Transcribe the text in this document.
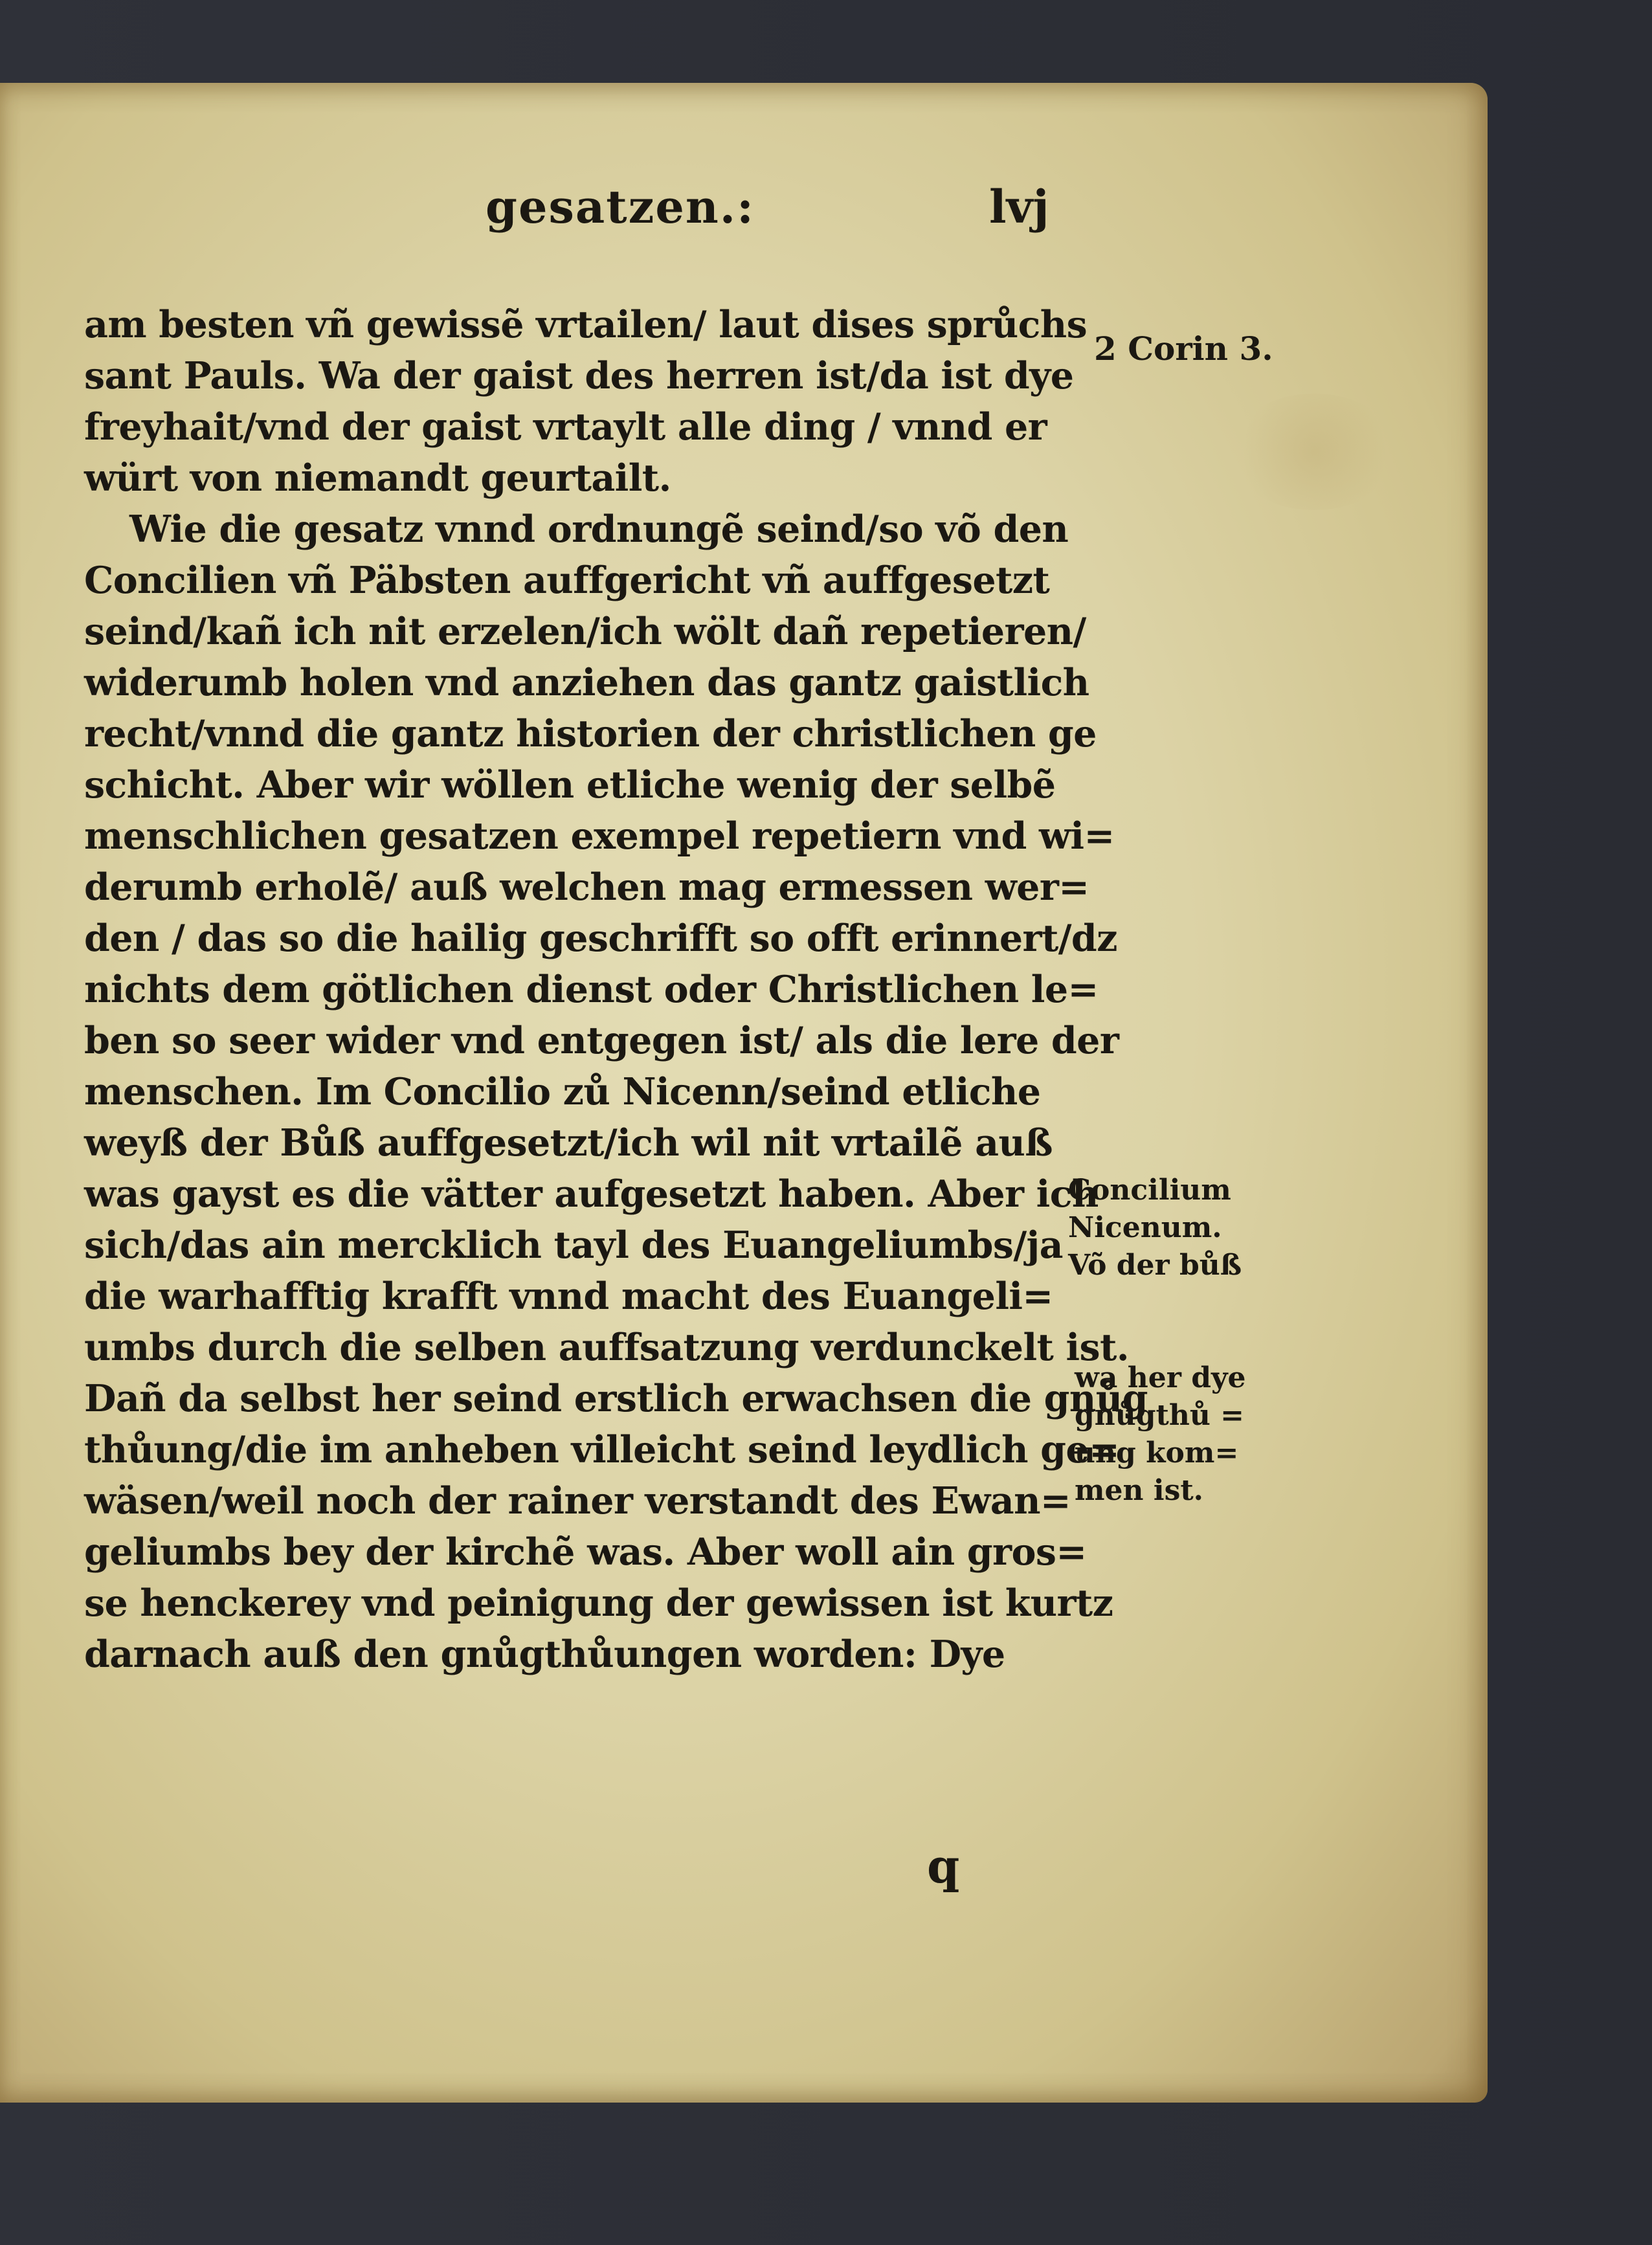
gesatzen.:	lvj
am besten vñ gewissẽ vrtailen/ laut dises sprůchs
sant Pauls. Wa der gaist des herren ist/da ist dye
freyhait/vnd der gaist vrtaylt alle ding / vnnd er
würt von niemandt geurtailt.
Wie die gesatz vnnd ordnungẽ seind/so võ den
Concilien vñ Päbsten auffgericht vñ auffgesetzt
seind/kañ ich nit erzelen/ich wölt dañ repetieren/
widerumb holen vnd anziehen das gantz gaistlich
recht/vnnd die gantz historien der christlichen ge
schicht. Aber wir wöllen etliche wenig der selbẽ
menschlichen gesatzen exempel repetiern vnd wi=
derumb erholẽ/ auß welchen mag ermessen wer=
den / das so die hailig geschrifft so offt erinnert/dz
nichts dem götlichen dienst oder Christlichen le=
ben so seer wider vnd entgegen ist/ als die lere der
menschen. Im Concilio zů Nicenn/seind etliche
weyß der Bůß auffgesetzt/ich wil nit vrtailẽ auß
was gayst es die vätter aufgesetzt haben. Aber ich
sich/das ain mercklich tayl des Euangeliumbs/ja
die warhafftig krafft vnnd macht des Euangeli=
umbs durch die selben auffsatzung verdunckelt ist.
Dañ da selbst her seind erstlich erwachsen die gnůg
thůung/die im anheben villeicht seind leydlich ge=
wäsen/weil noch der rainer verstandt des Ewan=
geliumbs bey der kirchẽ was. Aber woll ain gros=
se henckerey vnd peinigung der gewissen ist kurtz
darnach auß den gnůgthůungen worden: Dye
2 Corin 3.
Concilium
Nicenum.
Võ der bůß
wa her dye
gnůgthů =
ung kom=
men ist.
q
